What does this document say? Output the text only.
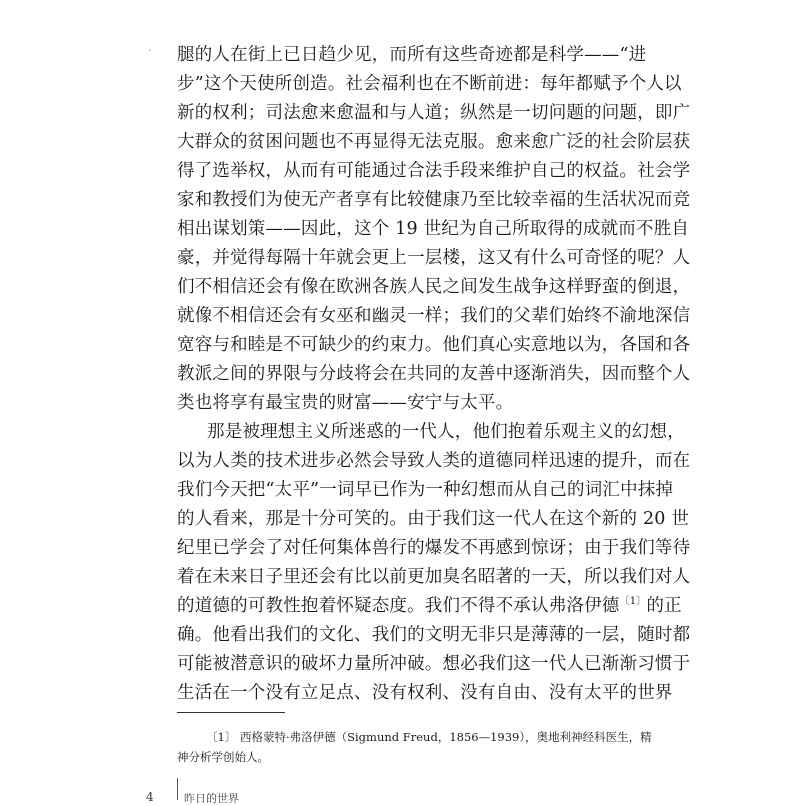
· 腿的人在街上已日趋少见，而所有这些奇迹都是科学——“进
步”这个天使所创造。社会福利也在不断前进：每年都赋予个人以
新的权利；司法愈来愈温和与人道；纵然是一切问题的问题，即广
大群众的贫困问题也不再显得无法克服。愈来愈广泛的社会阶层获
得了选举权，从而有可能通过合法手段来维护自己的权益。社会学
家和教授们为使无产者享有比较健康乃至比较幸福的生活状况而竞
相出谋划策——因此，这个 19 世纪为自己所取得的成就而不胜自
豪，并觉得每隔十年就会更上一层楼，这又有什么可奇怪的呢？人
们不相信还会有像在欧洲各族人民之间发生战争这样野蛮的倒退，
就像不相信还会有女巫和幽灵一样；我们的父辈们始终不渝地深信
宽容与和睦是不可缺少的约束力。他们真心实意地以为，各国和各
教派之间的界限与分歧将会在共同的友善中逐渐消失，因而整个人
类也将享有最宝贵的财富——安宁与太平。
那是被理想主义所迷惑的一代人，他们抱着乐观主义的幻想，
以为人类的技术进步必然会导致人类的道德同样迅速的提升，而在
我们今天把“太平”一词早已作为一种幻想而从自己的词汇中抹掉
的人看来，那是十分可笑的。由于我们这一代人在这个新的 20 世
纪里已学会了对任何集体兽行的爆发不再感到惊讶；由于我们等待
着在未来日子里还会有比以前更加臭名昭著的一天，所以我们对人
的道德的可教性抱着怀疑态度。我们不得不承认弗洛伊德$^{〔1〕}$的正
确。他看出我们的文化、我们的文明无非只是薄薄的一层，随时都
可能被潜意识的破坏力量所冲破。想必我们这一代人已渐渐习惯于
生活在一个没有立足点、没有权利、没有自由、没有太平的世界
〔1〕 西格蒙特·弗洛伊德（Sigmund Freud，1856—1939），奥地利神经科医生，精
神分析学创始人。
4	昨日的世界
